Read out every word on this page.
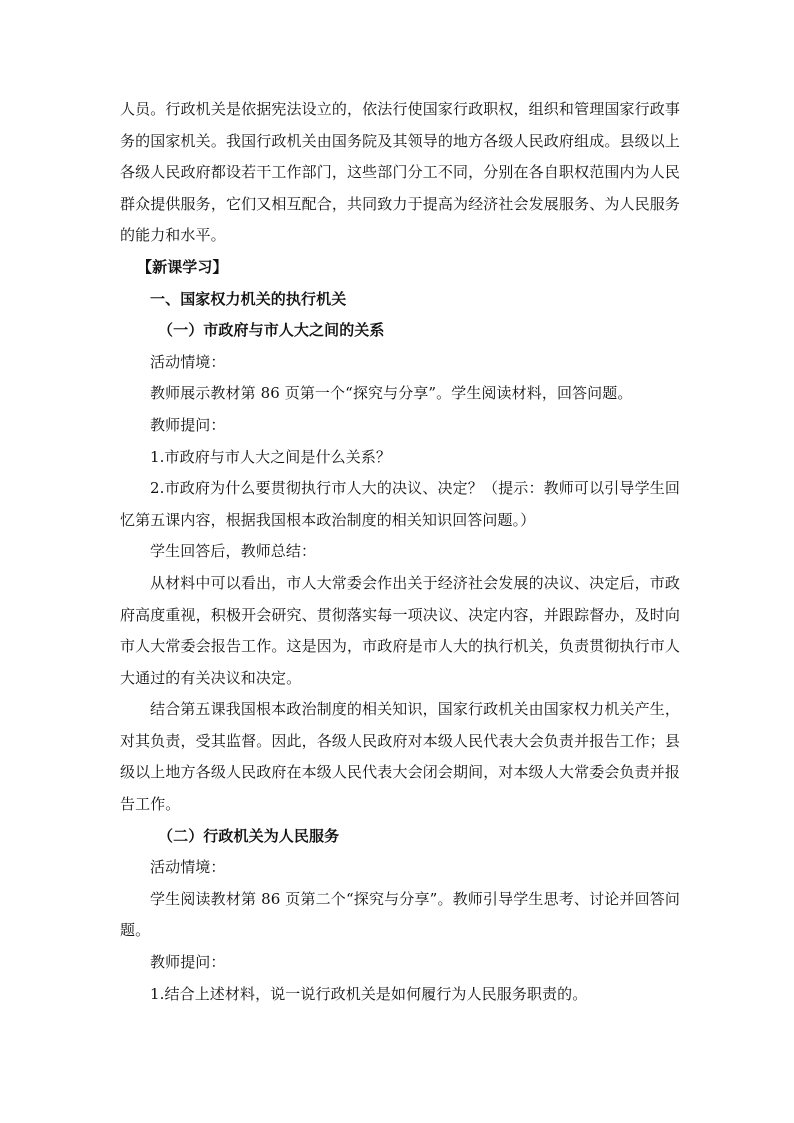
人员。行政机关是依据宪法设立的，依法行使国家行政职权，组织和管理国家行政事务的国家机关。我国行政机关由国务院及其领导的地方各级人民政府组成。县级以上各级人民政府都设若干工作部门，这些部门分工不同，分别在各自职权范围内为人民群众提供服务，它们又相互配合，共同致力于提高为经济社会发展服务、为人民服务的能力和水平。

【新课学习】

一、国家权力机关的执行机关

（一）市政府与市人大之间的关系

活动情境：

教师展示教材第 86 页第一个“探究与分享”。学生阅读材料，回答问题。

教师提问：

1.市政府与市人大之间是什么关系？

2.市政府为什么要贯彻执行市人大的决议、决定？（提示：教师可以引导学生回忆第五课内容，根据我国根本政治制度的相关知识回答问题。）

学生回答后，教师总结：

从材料中可以看出，市人大常委会作出关于经济社会发展的决议、决定后，市政府高度重视，积极开会研究、贯彻落实每一项决议、决定内容，并跟踪督办，及时向市人大常委会报告工作。这是因为，市政府是市人大的执行机关，负责贯彻执行市人大通过的有关决议和决定。

结合第五课我国根本政治制度的相关知识，国家行政机关由国家权力机关产生，对其负责，受其监督。因此，各级人民政府对本级人民代表大会负责并报告工作；县级以上地方各级人民政府在本级人民代表大会闭会期间，对本级人大常委会负责并报告工作。

（二）行政机关为人民服务

活动情境：

学生阅读教材第 86 页第二个“探究与分享”。教师引导学生思考、讨论并回答问题。

教师提问：

1.结合上述材料，说一说行政机关是如何履行为人民服务职责的。
